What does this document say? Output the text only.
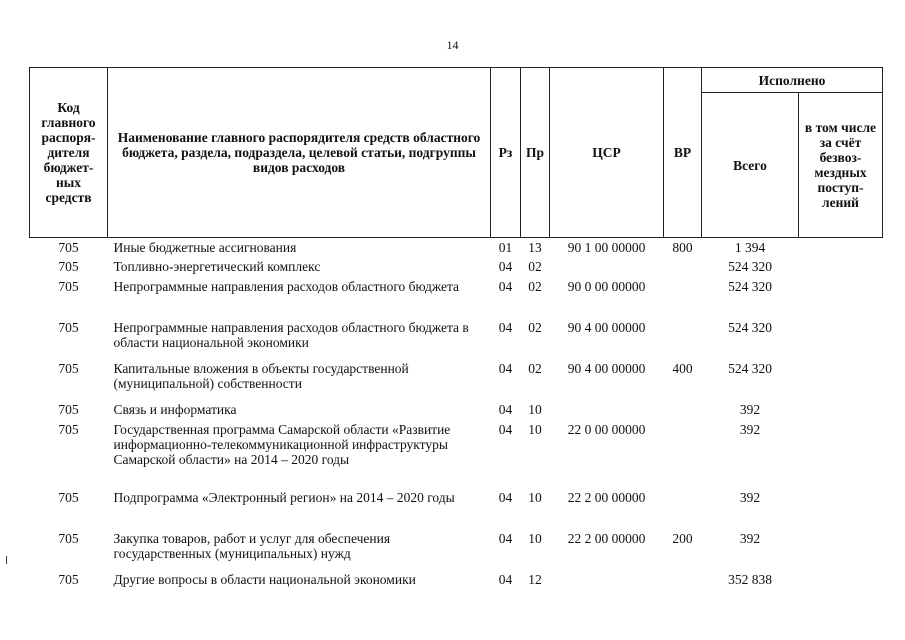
14
Код главного распоря-дителя бюджет-ных средств	Наименование главного распорядителя средств областного бюджета, раздела, подраздела, целевой статьи, подгруппы видов расходов	Рз	Пр	ЦСР	ВР	Исполнено	
						Всего	в том числе за счёт безвоз-мездных поступ-лений
705	Иные бюджетные ассигнования	01	13	90 1 00 00000	800	1 394	
705	Топливно-энергетический комплекс	04	02			524 320	
705	Непрограммные направления расходов областного бюджета	04	02	90 0 00 00000		524 320	
705	Непрограммные направления расходов областного бюджета в области национальной экономики	04	02	90 4 00 00000		524 320	
705	Капитальные вложения в объекты государственной (муниципальной) собственности	04	02	90 4 00 00000	400	524 320	
705	Связь и информатика	04	10			392	
705	Государственная программа Самарской области «Развитие информационно-телекоммуникационной инфраструктуры Самарской области» на 2014 – 2020 годы	04	10	22 0 00 00000		392	
705	Подпрограмма «Электронный регион» на 2014 – 2020 годы	04	10	22 2 00 00000		392	
705	Закупка товаров, работ и услуг для обеспечения государственных (муниципальных) нужд	04	10	22 2 00 00000	200	392	
705	Другие вопросы в области национальной экономики	04	12			352 838	
